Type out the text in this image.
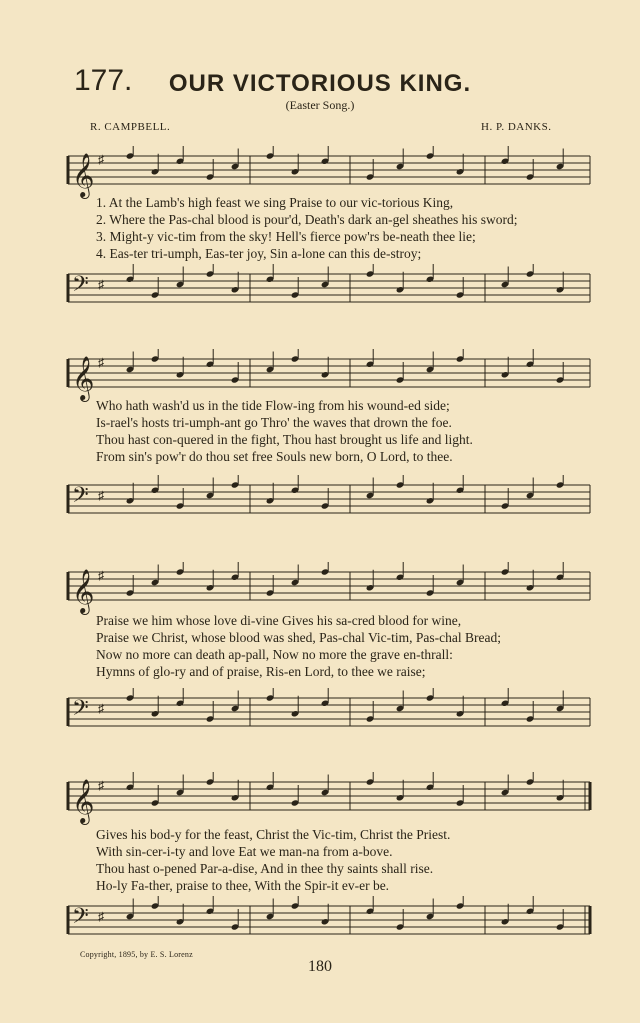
177.	OUR VICTORIOUS KING.
(Easter Song.)
R. CAMPBELL.	H. P. DANKS.
𝄞 ♯
1. At the Lamb's high feast we sing Praise to our vic-torious King,
2. Where the Pas-chal blood is pour'd, Death's dark an-gel sheathes his sword;
3. Might-y vic-tim from the sky! Hell's fierce pow'rs be-neath thee lie;
4. Eas-ter tri-umph, Eas-ter joy, Sin a-lone can this de-stroy;
𝄢 ♯
𝄞 ♯
Who hath wash'd us in the tide Flow-ing from his wound-ed side;
Is-rael's hosts tri-umph-ant go Thro' the waves that drown the foe.
Thou hast con-quered in the fight, Thou hast brought us life and light.
From sin's pow'r do thou set free Souls new born, O Lord, to thee.
𝄢 ♯
𝄞 ♯
Praise we him whose love di-vine Gives his sa-cred blood for wine,
Praise we Christ, whose blood was shed, Pas-chal Vic-tim, Pas-chal Bread;
Now no more can death ap-pall, Now no more the grave en-thrall:
Hymns of glo-ry and of praise, Ris-en Lord, to thee we raise;
𝄢 ♯
𝄞 ♯
Gives his bod-y for the feast, Christ the Vic-tim, Christ the Priest.
With sin-cer-i-ty and love Eat we man-na from a-bove.
Thou hast o-pened Par-a-dise, And in thee thy saints shall rise.
Ho-ly Fa-ther, praise to thee, With the Spir-it ev-er be.
𝄢 ♯
Copyright, 1895, by E. S. Lorenz
180
